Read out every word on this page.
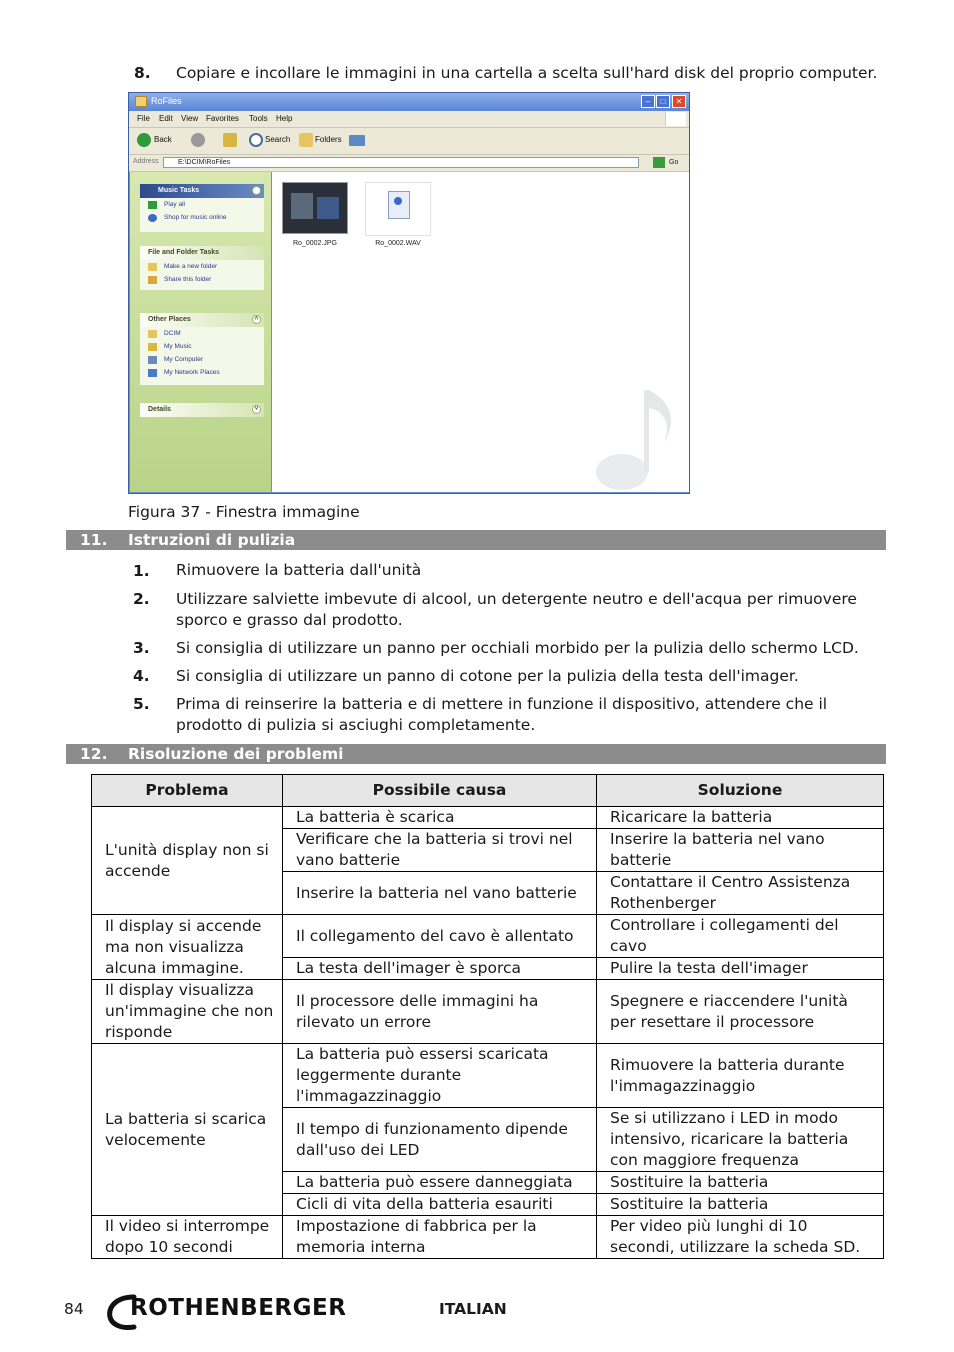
8. Copiare e incollare le immagini in una cartella a scelta sull'hard disk del proprio computer.
RoFiles	–	□	✕
File Edit View Favorites Tools Help
Back	Search	Folders
Address	E:\DCIM\RoFiles	Go
Music Tasks	˄
Play all
Shop for music online
File and Folder Tasks
Make a new folder
Share this folder
Other Places	˄
DCIM
My Music
My Computer
My Network Places
Details	˅
Ro_0002.JPG	Ro_0002.WAV
Figura 37 - Finestra immagine
11. Istruzioni di pulizia
1. Rimuovere la batteria dall'unità
2. Utilizzare salviette imbevute di alcool, un detergente neutro e dell'acqua per rimuovere sporco e grasso dal prodotto.
3. Si consiglia di utilizzare un panno per occhiali morbido per la pulizia dello schermo LCD.
4. Si consiglia di utilizzare un panno di cotone per la pulizia della testa dell'imager.
5. Prima di reinserire la batteria e di mettere in funzione il dispositivo, attendere che il prodotto di pulizia si asciughi completamente.
12. Risoluzione dei problemi
Problema	Possibile causa	Soluzione
L'unità display non si accende	La batteria è scarica	Ricaricare la batteria
	Verificare che la batteria si trovi nel vano batterie	Inserire la batteria nel vano batterie
	Inserire la batteria nel vano batterie	Contattare il Centro Assistenza Rothenberger
Il display si accende ma non visualizza alcuna immagine.	Il collegamento del cavo è allentato	Controllare i collegamenti del cavo
	La testa dell'imager è sporca	Pulire la testa dell'imager
Il display visualizza un'immagine che non risponde	Il processore delle immagini ha rilevato un errore	Spegnere e riaccendere l'unità per resettare il processore
La batteria si scarica velocemente	La batteria può essersi scaricata leggermente durante l'immagazzinaggio	Rimuovere la batteria durante l'immagazzinaggio
	Il tempo di funzionamento dipende dall'uso dei LED	Se si utilizzano i LED in modo intensivo, ricaricare la batteria con maggiore frequenza
	La batteria può essere danneggiata	Sostituire la batteria
	Cicli di vita della batteria esauriti	Sostituire la batteria
Il video si interrompe dopo 10 secondi	Impostazione di fabbrica per la memoria interna	Per video più lunghi di 10 secondi, utilizzare la scheda SD.
84 ROTHENBERGER	ITALIAN
